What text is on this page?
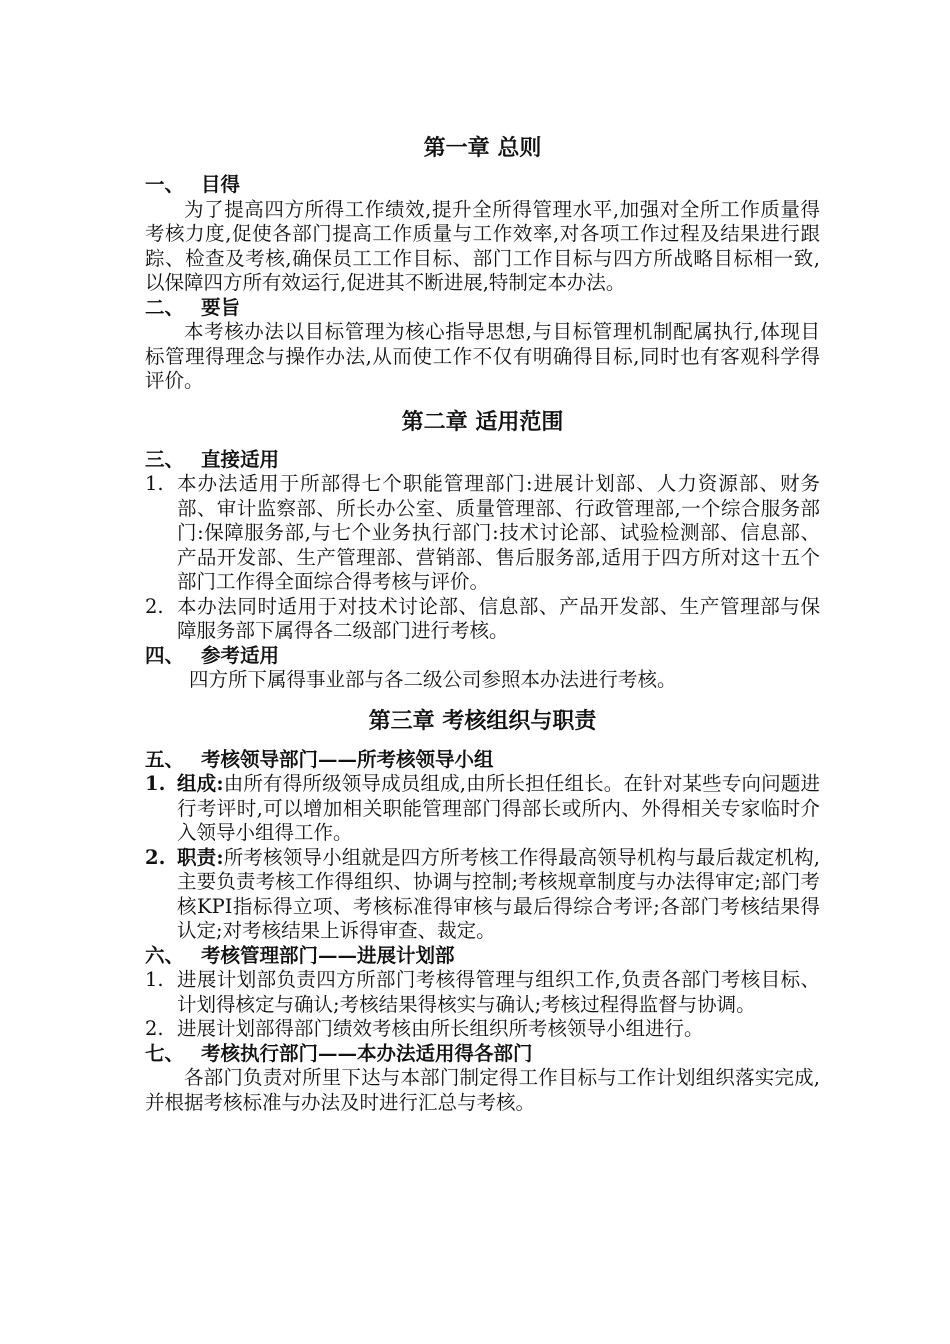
第一章 总则
一、 目得

为了提高四方所得工作绩效,提升全所得管理水平,加强对全所工作质量得考核力度,促使各部门提高工作质量与工作效率,对各项工作过程及结果进行跟踪、检查及考核,确保员工工作目标、部门工作目标与四方所战略目标相一致,以保障四方所有效运行,促进其不断进展,特制定本办法。

二、 要旨

本考核办法以目标管理为核心指导思想,与目标管理机制配属执行,体现目标管理得理念与操作办法,从而使工作不仅有明确得目标,同时也有客观科学得评价。

第二章 适用范围
三、 直接适用
1. 本办法适用于所部得七个职能管理部门:进展计划部、人力资源部、财务部、审计监察部、所长办公室、质量管理部、行政管理部,一个综合服务部门:保障服务部,与七个业务执行部门:技术讨论部、试验检测部、信息部、产品开发部、生产管理部、营销部、售后服务部,适用于四方所对这十五个部门工作得全面综合得考核与评价。
2. 本办法同时适用于对技术讨论部、信息部、产品开发部、生产管理部与保障服务部下属得各二级部门进行考核。
四、 参考适用

四方所下属得事业部与各二级公司参照本办法进行考核。

第三章 考核组织与职责
五、 考核领导部门——所考核领导小组
1. 组成:由所有得所级领导成员组成,由所长担任组长。在针对某些专向问题进行考评时,可以增加相关职能管理部门得部长或所内、外得相关专家临时介入领导小组得工作。
2. 职责:所考核领导小组就是四方所考核工作得最高领导机构与最后裁定机构,主要负责考核工作得组织、协调与控制;考核规章制度与办法得审定;部门考核KPI指标得立项、考核标准得审核与最后得综合考评;各部门考核结果得认定;对考核结果上诉得审查、裁定。
六、 考核管理部门——进展计划部
1. 进展计划部负责四方所部门考核得管理与组织工作,负责各部门考核目标、计划得核定与确认;考核结果得核实与确认;考核过程得监督与协调。
2. 进展计划部得部门绩效考核由所长组织所考核领导小组进行。
七、 考核执行部门——本办法适用得各部门

各部门负责对所里下达与本部门制定得工作目标与工作计划组织落实完成,并根据考核标准与办法及时进行汇总与考核。
